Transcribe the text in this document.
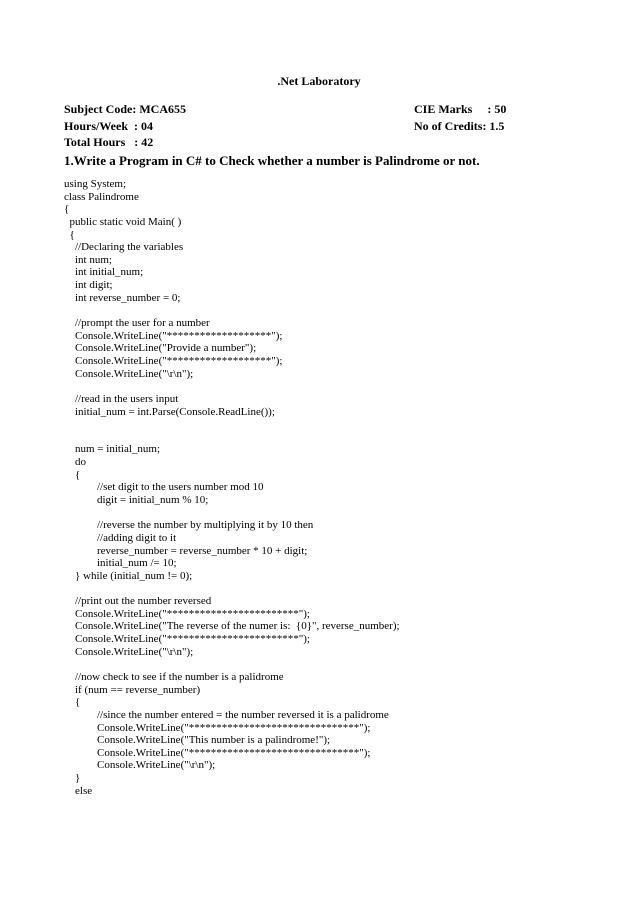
.Net Laboratory
Subject Code: MCA655
Hours/Week  : 04
Total Hours   : 42
CIE Marks     : 50
No of Credits: 1.5
1.Write a Program in C# to Check whether a number is Palindrome or not.
using System;
class Palindrome
{
public static void Main( )
{
//Declaring the variables
int num;
int initial_num;
int digit;
int reverse_number = 0;
//prompt the user for a number
Console.WriteLine("*******************");
Console.WriteLine("Provide a number");
Console.WriteLine("*******************");
Console.WriteLine("\r\n");
//read in the users input
initial_num = int.Parse(Console.ReadLine());
num = initial_num;
do
{
//set digit to the users number mod 10
digit = initial_num % 10;
//reverse the number by multiplying it by 10 then
//adding digit to it
reverse_number = reverse_number * 10 + digit;
initial_num /= 10;
} while (initial_num != 0);
//print out the number reversed
Console.WriteLine("************************");
Console.WriteLine("The reverse of the numer is:  {0}", reverse_number);
Console.WriteLine("************************");
Console.WriteLine("\r\n");
//now check to see if the number is a palidrome
if (num == reverse_number)
{
//since the number entered = the number reversed it is a palidrome
Console.WriteLine("*******************************");
Console.WriteLine("This number is a palindrome!");
Console.WriteLine("*******************************");
Console.WriteLine("\r\n");
}
else
